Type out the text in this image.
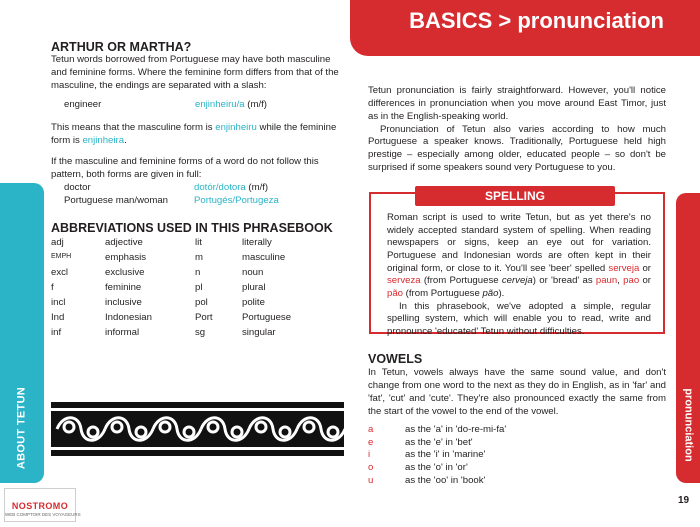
ABOUT TETUN	pronunciation
BASICS > pronunciation
ARTHUR OR MARTHA?
Tetun words borrowed from Portuguese may have both masculine and feminine forms. Where the feminine form differs from that of the masculine, the endings are separated with a slash:
engineer	enjinheiru/a (m/f)
This means that the masculine form is enjinheiru while the feminine form is enjinheira.
If the masculine and feminine forms of a word do not follow this pattern, both forms are given in full:
doctor	dotór/dotora (m/f)
Portuguese man/woman	Portugés/Portugeza
ABBREVIATIONS USED IN THIS PHRASEBOOK
adj	adjective	lit	literally
EMPH	emphasis	m	masculine
excl	exclusive	n	noun
f	feminine	pl	plural
incl	inclusive	pol	polite
Ind	Indonesian	Port	Portuguese
inf	informal	sg	singular
NOSTROMO
WEB COMPTOIR DES VOYAGEURS
Tetun pronunciation is fairly straightforward. However, you'll notice differences in pronunciation when you move around East Timor, just as in the English-speaking world.
Pronunciation of Tetun also varies according to how much Portuguese a speaker knows. Traditionally, Portuguese held high prestige – especially among older, educated people – so don't be surprised if some speakers sound very Portuguese to you.
SPELLING
Roman script is used to write Tetun, but as yet there's no widely accepted standard system of spelling. When reading newspapers or signs, keep an eye out for variation. Portuguese and Indonesian words are often kept in their original form, or close to it. You'll see 'beer' spelled serveja or serveza (from Portuguese cerveja) or 'bread' as paun, pao or pão (from Portuguese pão).
In this phrasebook, we've adopted a simple, regular spelling system, which will enable you to read, write and pronounce 'educated' Tetun without difficulties.
VOWELS
In Tetun, vowels always have the same sound value, and don't change from one word to the next as they do in English, as in 'far' and 'fat', 'cut' and 'cute'. They're also pronounced exactly the same from the start of the vowel to the end of the vowel.
a	as the 'a' in 'do-re-mi-fa'
e	as the 'e' in 'bet'
i	as the 'i' in 'marine'
o	as the 'o' in 'or'
u	as the 'oo' in 'book'
19
